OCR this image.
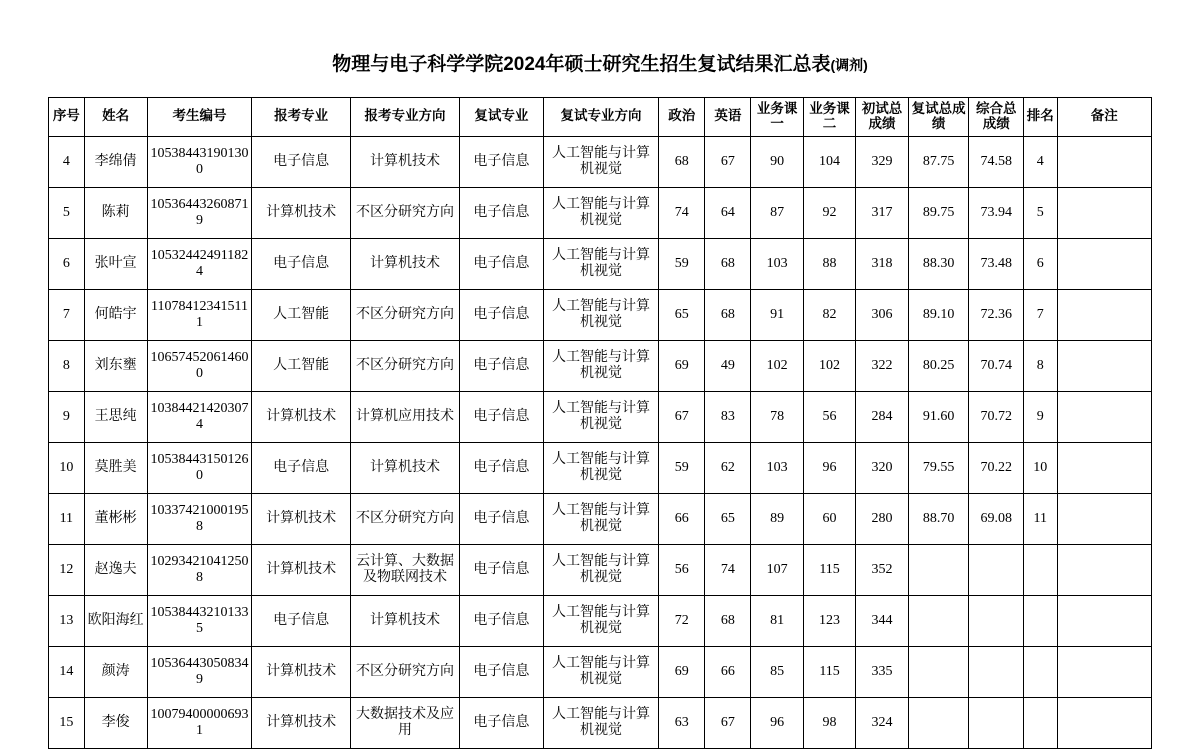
物理与电子科学学院2024年硕士研究生招生复试结果汇总表(调剂)
序号	姓名	考生编号	报考专业	报考专业方向	复试专业	复试专业方向	政治	英语	业务课一	业务课二	初试总成绩	复试总成绩	综合总成绩	排名	备注
4	李绵倩	105384431901300	电子信息	计算机技术	电子信息	人工智能与计算机视觉	68	67	90	104	329	87.75	74.58	4	
5	陈莉	105364432608719	计算机技术	不区分研究方向	电子信息	人工智能与计算机视觉	74	64	87	92	317	89.75	73.94	5	
6	张叶宣	105324424911824	电子信息	计算机技术	电子信息	人工智能与计算机视觉	59	68	103	88	318	88.30	73.48	6	
7	何皓宇	110784123415111	人工智能	不区分研究方向	电子信息	人工智能与计算机视觉	65	68	91	82	306	89.10	72.36	7	
8	刘东壅	106574520614600	人工智能	不区分研究方向	电子信息	人工智能与计算机视觉	69	49	102	102	322	80.25	70.74	8	
9	王思纯	103844214203074	计算机技术	计算机应用技术	电子信息	人工智能与计算机视觉	67	83	78	56	284	91.60	70.72	9	
10	莫胜美	105384431501260	电子信息	计算机技术	电子信息	人工智能与计算机视觉	59	62	103	96	320	79.55	70.22	10	
11	董彬彬	103374210001958	计算机技术	不区分研究方向	电子信息	人工智能与计算机视觉	66	65	89	60	280	88.70	69.08	11	
12	赵逸夫	102934210412508	计算机技术	云计算、大数据及物联网技术	电子信息	人工智能与计算机视觉	56	74	107	115	352				
13	欧阳海红	105384432101335	电子信息	计算机技术	电子信息	人工智能与计算机视觉	72	68	81	123	344				
14	颜涛	105364430508349	计算机技术	不区分研究方向	电子信息	人工智能与计算机视觉	69	66	85	115	335				
15	李俊	100794000006931	计算机技术	大数据技术及应用	电子信息	人工智能与计算机视觉	63	67	96	98	324				
